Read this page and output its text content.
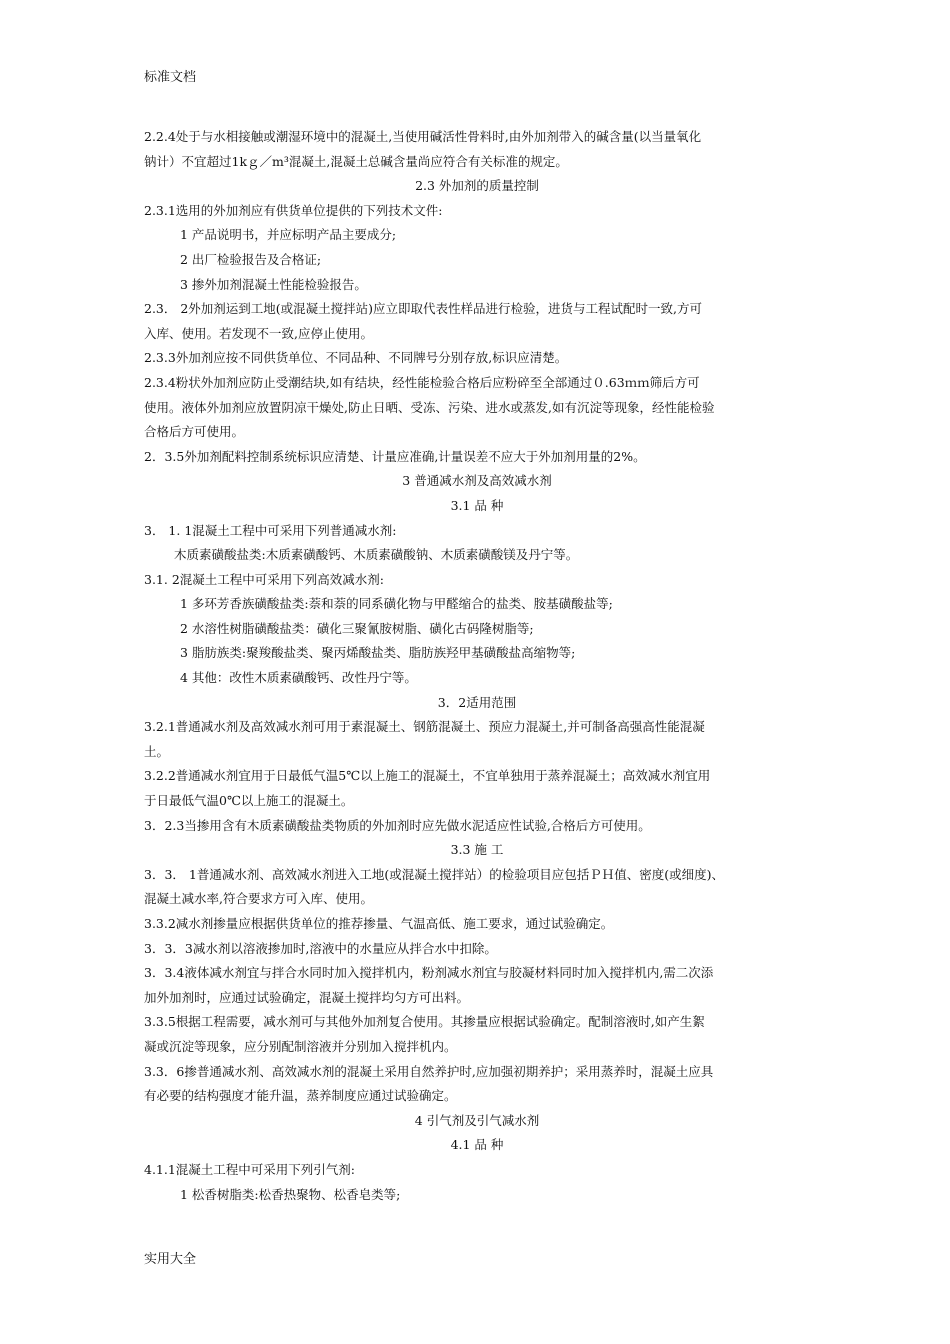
标准文档
2.2.4处于与水相接触或潮湿环境中的混凝土,当使用碱活性骨料时,由外加剂带入的碱含量(以当量氧化
钠计）不宜超过1kｇ／m³混凝土,混凝土总碱含量尚应符合有关标准的规定。
2.3 外加剂的质量控制
2.3.1选用的外加剂应有供货单位提供的下列技术文件:
1 产品说明书，并应标明产品主要成分;
2 出厂检验报告及合格证;
3 掺外加剂混凝土性能检验报告。
2.3． 2外加剂运到工地(或混凝土搅拌站)应立即取代表性样品进行检验，进货与工程试配时一致,方可
入库、使用。若发现不一致,应停止使用。
2.3.3外加剂应按不同供货单位、不同品种、不同牌号分别存放,标识应清楚。
2.3.4粉状外加剂应防止受潮结块,如有结块，经性能检验合格后应粉碎至全部通过０.63ｍｍ筛后方可
使用。液体外加剂应放置阴凉干燥处,防止日晒、受冻、污染、进水或蒸发,如有沉淀等现象，经性能检验
合格后方可使用。
2．3.5外加剂配料控制系统标识应清楚、计量应准确,计量误差不应大于外加剂用量的2%。
3 普通减水剂及高效减水剂
3.1 品 种
3． 1. 1混凝土工程中可采用下列普通减水剂:
木质素磺酸盐类:木质素磺酸钙、木质素磺酸钠、木质素磺酸镁及丹宁等。
3.1. 2混凝土工程中可采用下列高效减水剂:
1 多环芳香族磺酸盐类:萘和萘的同系磺化物与甲醛缩合的盐类、胺基磺酸盐等;
2 水溶性树脂磺酸盐类：磺化三聚氰胺树脂、磺化古码隆树脂等;
3 脂肪族类:聚羧酸盐类、聚丙烯酸盐类、脂肪族羟甲基磺酸盐高缩物等;
4 其他：改性木质素磺酸钙、改性丹宁等。
3．2适用范围
3.2.1普通减水剂及高效减水剂可用于素混凝土、钢筋混凝土、预应力混凝土,并可制备高强高性能混凝
土。
3.2.2普通减水剂宜用于日最低气温5℃以上施工的混凝土，不宜单独用于蒸养混凝土；高效减水剂宜用
于日最低气温0℃以上施工的混凝土。
3．2.3当掺用含有木质素磺酸盐类物质的外加剂时应先做水泥适应性试验,合格后方可使用。
3.3 施 工
3．3． 1普通减水剂、高效减水剂进入工地(或混凝土搅拌站）的检验项目应包括ＰＨ值、密度(或细度)、
混凝土减水率,符合要求方可入库、使用。
3.3.2减水剂掺量应根据供货单位的推荐掺量、气温高低、施工要求，通过试验确定。
3．3．3减水剂以溶液掺加时,溶液中的水量应从拌合水中扣除。
3．3.4液体减水剂宜与拌合水同时加入搅拌机内，粉剂减水剂宜与胶凝材料同时加入搅拌机内,需二次添
加外加剂时，应通过试验确定，混凝土搅拌均匀方可出料。
3.3.5根据工程需要，减水剂可与其他外加剂复合使用。其掺量应根据试验确定。配制溶液时,如产生絮
凝或沉淀等现象，应分别配制溶液并分别加入搅拌机内。
3.3．6掺普通减水剂、高效减水剂的混凝土采用自然养护时,应加强初期养护；采用蒸养时，混凝土应具
有必要的结构强度才能升温，蒸养制度应通过试验确定。
4 引气剂及引气减水剂
4.1 品 种
4.1.1混凝土工程中可采用下列引气剂:
1 松香树脂类:松香热聚物、松香皂类等;
实用大全
